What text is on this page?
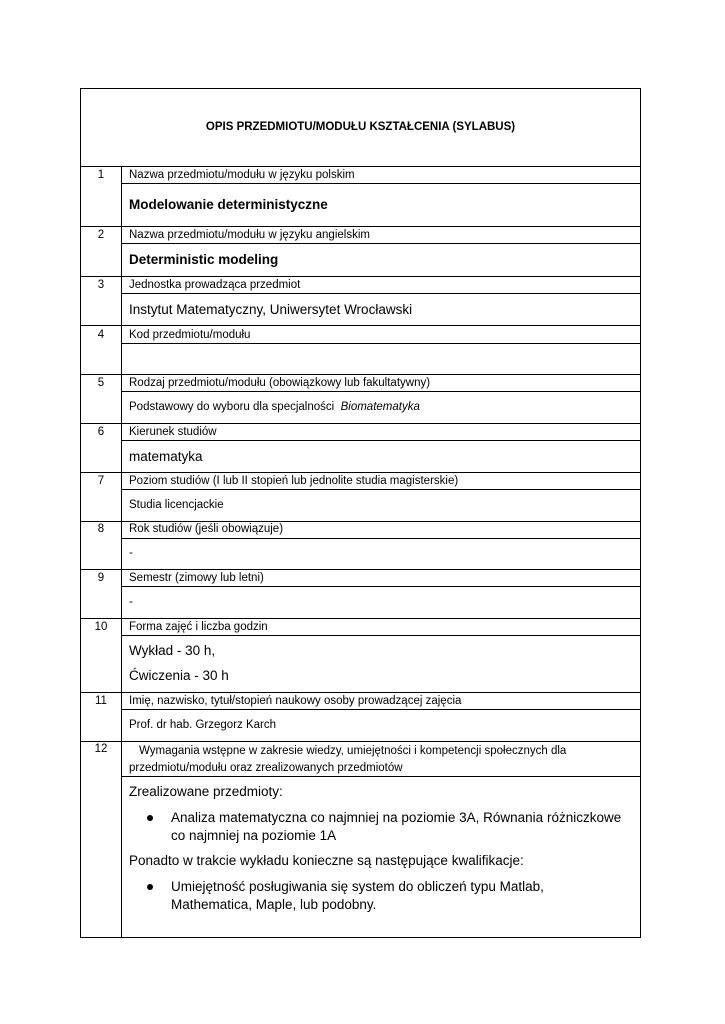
OPIS PRZEDMIOTU/MODUŁU KSZTAŁCENIA (SYLABUS)
1	Nazwa przedmiotu/modułu w języku polskim
Modelowanie deterministyczne
2	Nazwa przedmiotu/modułu w języku angielskim
Deterministic modeling
3	Jednostka prowadząca przedmiot
Instytut Matematyczny, Uniwersytet Wrocławski
4	Kod przedmiotu/modułu
5	Rodzaj przedmiotu/modułu (obowiązkowy lub fakultatywny)
Podstawowy do wyboru dla specjalności Biomatematyka
6	Kierunek studiów
matematyka
7	Poziom studiów (I lub II stopień lub jednolite studia magisterskie)
Studia licencjackie
8	Rok studiów (jeśli obowiązuje)
-
9	Semestr (zimowy lub letni)
-
10	Forma zajęć i liczba godzin
Wykład - 30 h,
Ćwiczenia - 30 h
11	Imię, nazwisko, tytuł/stopień naukowy osoby prowadzącej zajęcia
Prof. dr hab. Grzegorz Karch
12	Wymagania wstępne w zakresie wiedzy, umiejętności i kompetencji społecznych dla przedmiotu/modułu oraz zrealizowanych przedmiotów
Zrealizowane przedmioty:
Analiza matematyczna co najmniej na poziomie 3A, Równania różniczkowe co najmniej na poziomie 1A
Ponadto w trakcie wykładu konieczne są następujące kwalifikacje:
Umiejętność posługiwania się system do obliczeń typu Matlab, Mathematica, Maple, lub podobny.
